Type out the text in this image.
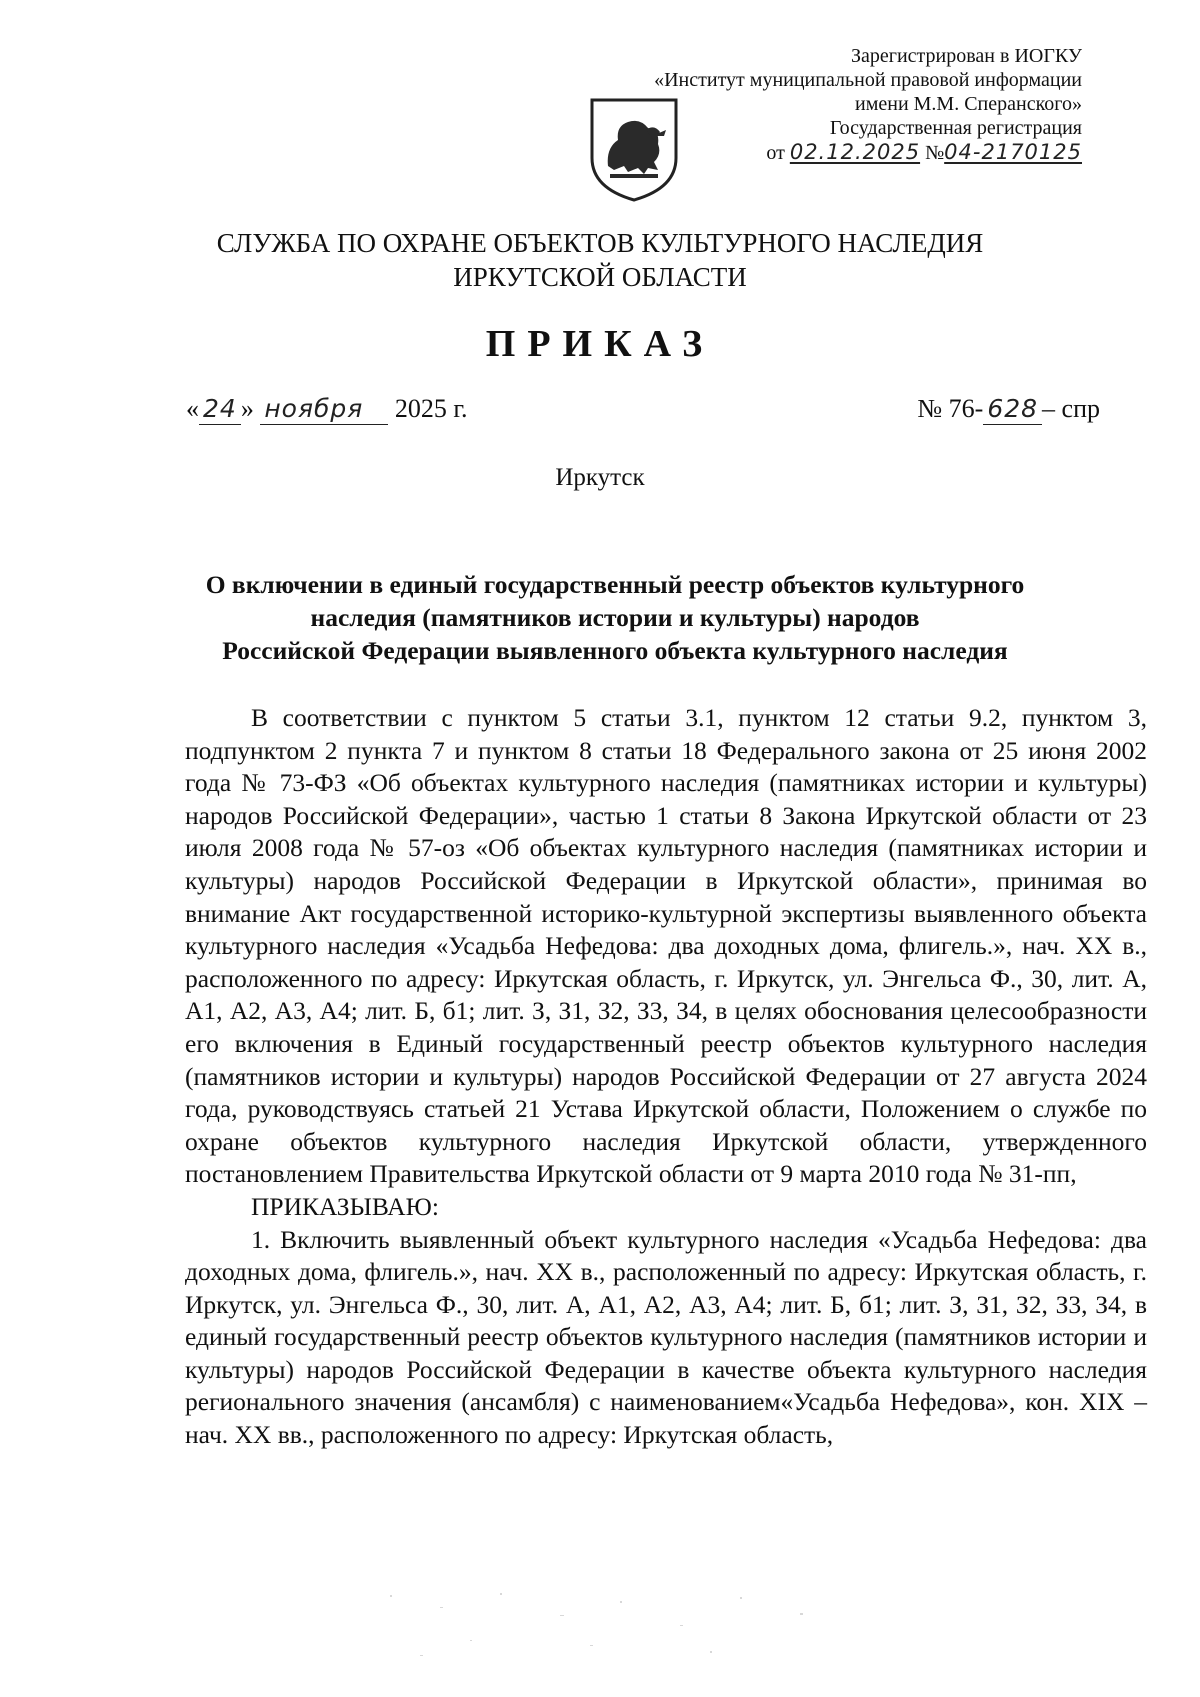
Зарегистрирован в ИОГКУ
«Институт муниципальной правовой информации
имени М.М. Сперанского»
Государственная регистрация
от 02.12.2025 №04-2170125
СЛУЖБА ПО ОХРАНЕ ОБЪЕКТОВ КУЛЬТУРНОГО НАСЛЕДИЯ
ИРКУТСКОЙ ОБЛАСТИ
ПРИКАЗ
« 24 » ноября 2025 г.	№ 76- 628 – спр
Иркутск
О включении в единый государственный реестр объектов культурного
наследия (памятников истории и культуры) народов
Российской Федерации выявленного объекта культурного наследия
В соответствии с пунктом 5 статьи 3.1, пунктом 12 статьи 9.2, пунктом 3, подпунктом 2 пункта 7 и пунктом 8 статьи 18 Федерального закона от 25 июня 2002 года № 73-ФЗ «Об объектах культурного наследия (памятниках истории и культуры) народов Российской Федерации», частью 1 статьи 8 Закона Иркутской области от 23 июля 2008 года № 57-оз «Об объектах культурного наследия (памятниках истории и культуры) народов Российской Федерации в Иркутской области», принимая во внимание Акт государственной историко-культурной экспертизы выявленного объекта культурного наследия «Усадьба Нефедова: два доходных дома, флигель.», нач. XX в., расположенного по адресу: Иркутская область, г. Иркутск, ул. Энгельса Ф., 30, лит. А, А1, А2, А3, А4; лит. Б, б1; лит. З, З1, З2, З3, З4, в целях обоснования целесообразности его включения в Единый государственный реестр объектов культурного наследия (памятников истории и культуры) народов Российской Федерации от 27 августа 2024 года, руководствуясь статьей 21 Устава Иркутской области, Положением о службе по охране объектов культурного наследия Иркутской области, утвержденного постановлением Правительства Иркутской области от 9 марта 2010 года № 31-пп,
ПРИКАЗЫВАЮ:
1. Включить выявленный объект культурного наследия «Усадьба Нефедова: два доходных дома, флигель.», нач. XX в., расположенный по адресу: Иркутская область, г. Иркутск, ул. Энгельса Ф., 30, лит. А, А1, А2, А3, А4; лит. Б, б1; лит. З, З1, З2, З3, З4, в единый государственный реестр объектов культурного наследия (памятников истории и культуры) народов Российской Федерации в качестве объекта культурного наследия регионального значения (ансамбля) с наименованием«Усадьба Нефедова», кон. XIX – нач. XX вв., расположенного по адресу: Иркутская область,
